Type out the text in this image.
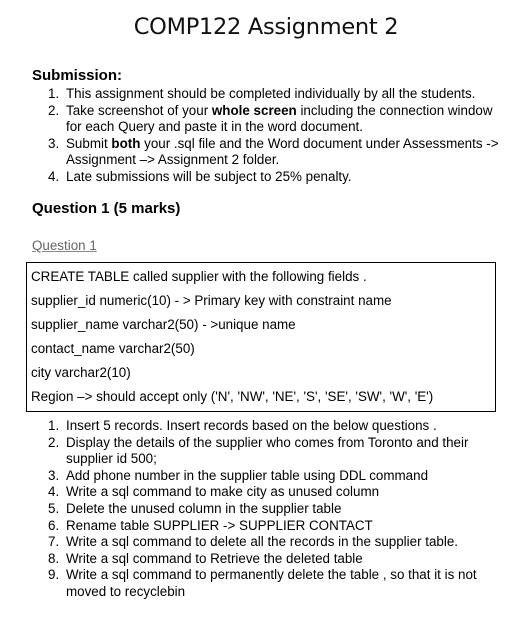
COMP122 Assignment 2
Submission:
1. This assignment should be completed individually by all the students.
2. Take screenshot of your whole screen including the connection window for each Query and paste it in the word document.
3. Submit both your .sql file and the Word document under Assessments -> Assignment –> Assignment 2 folder.
4. Late submissions will be subject to 25% penalty.
Question 1 (5 marks)
Question 1
CREATE TABLE called supplier with the following fields .
supplier_id numeric(10) - > Primary key with constraint name
supplier_name varchar2(50) - >unique name
contact_name varchar2(50)
city varchar2(10)
Region –> should accept only ('N', 'NW', 'NE', 'S', 'SE', 'SW', 'W', 'E')
1. Insert 5 records. Insert records based on the below questions .
2. Display the details of the supplier who comes from Toronto and their supplier id 500;
3. Add phone number in the supplier table using DDL command
4. Write a sql command to make city as unused column
5. Delete the unused column in the supplier table
6. Rename table SUPPLIER -> SUPPLIER CONTACT
7. Write a sql command to delete all the records in the supplier table.
8. Write a sql command to Retrieve the deleted table
9. Write a sql command to permanently delete the table , so that it is not moved to recyclebin
